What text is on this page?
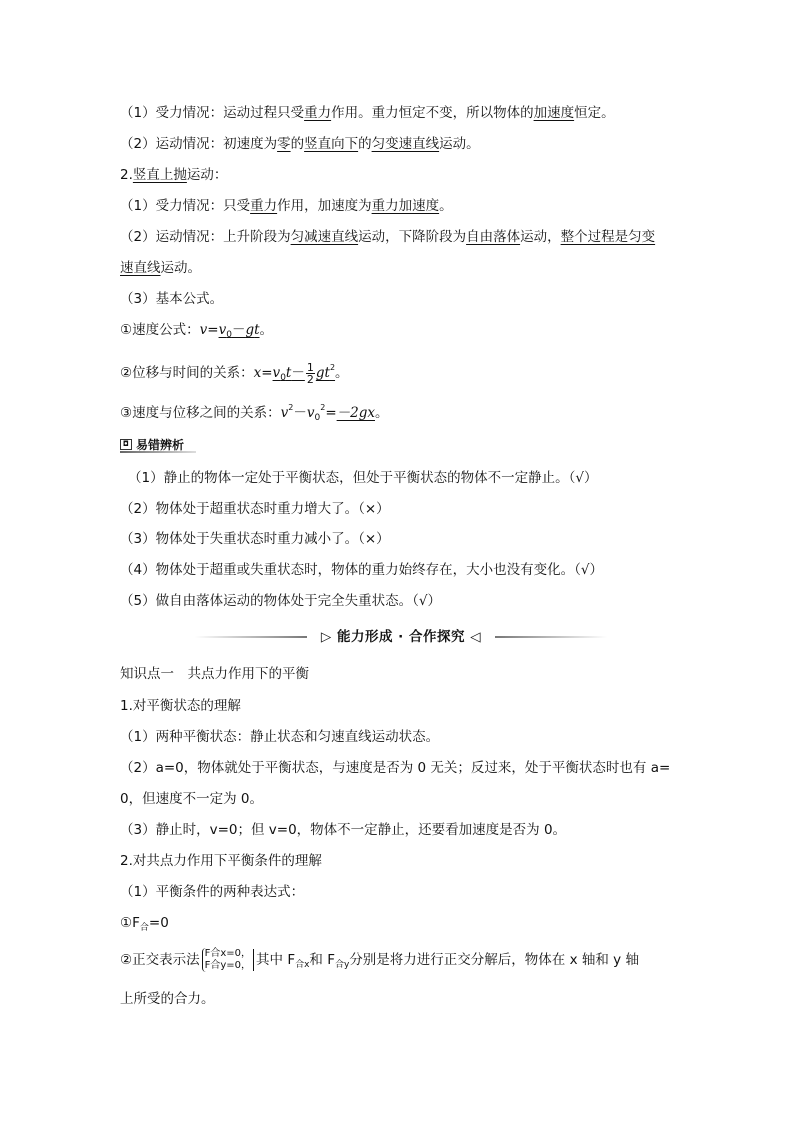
（1）受力情况：运动过程只受重力作用。重力恒定不变，所以物体的加速度恒定。
（2）运动情况：初速度为零的竖直向下的匀变速直线运动。
2.竖直上抛运动：
（1）受力情况：只受重力作用，加速度为重力加速度。
（2）运动情况：上升阶段为匀减速直线运动，下降阶段为自由落体运动，整个过程是匀变
速直线运动。
（3）基本公式。
①速度公式：$v=v_0-gt$。
②位移与时间的关系：$x=v_0t- \frac{1}{2} gt^2$。
③速度与位移之间的关系：$v^2-v_0^2=-2gx$。
◘ 易错辨析
（1）静止的物体一定处于平衡状态，但处于平衡状态的物体不一定静止。（√）
（2）物体处于超重状态时重力增大了。（×）
（3）物体处于失重状态时重力减小了。（×）
（4）物体处于超重或失重状态时，物体的重力始终存在，大小也没有变化。（√）
（5）做自由落体运动的物体处于完全失重状态。（√）
▷ 能力形成 · 合作探究 ◁
知识点一　共点力作用下的平衡
1.对平衡状态的理解
（1）两种平衡状态：静止状态和匀速直线运动状态。
（2）a=0，物体就处于平衡状态，与速度是否为 0 无关；反过来，处于平衡状态时也有 a=
0，但速度不一定为 0。
（3）静止时，v=0；但 v=0，物体不一定静止，还要看加速度是否为 0。
2.对共点力作用下平衡条件的理解
（1）平衡条件的两种表达式：
$①F_合=0$
②正交表示法 F合x=0，
F合y=0， 其中 $F_{合x}$和 $F_{合y}$分别是将力进行正交分解后，物体在 x 轴和 y 轴
上所受的合力。
